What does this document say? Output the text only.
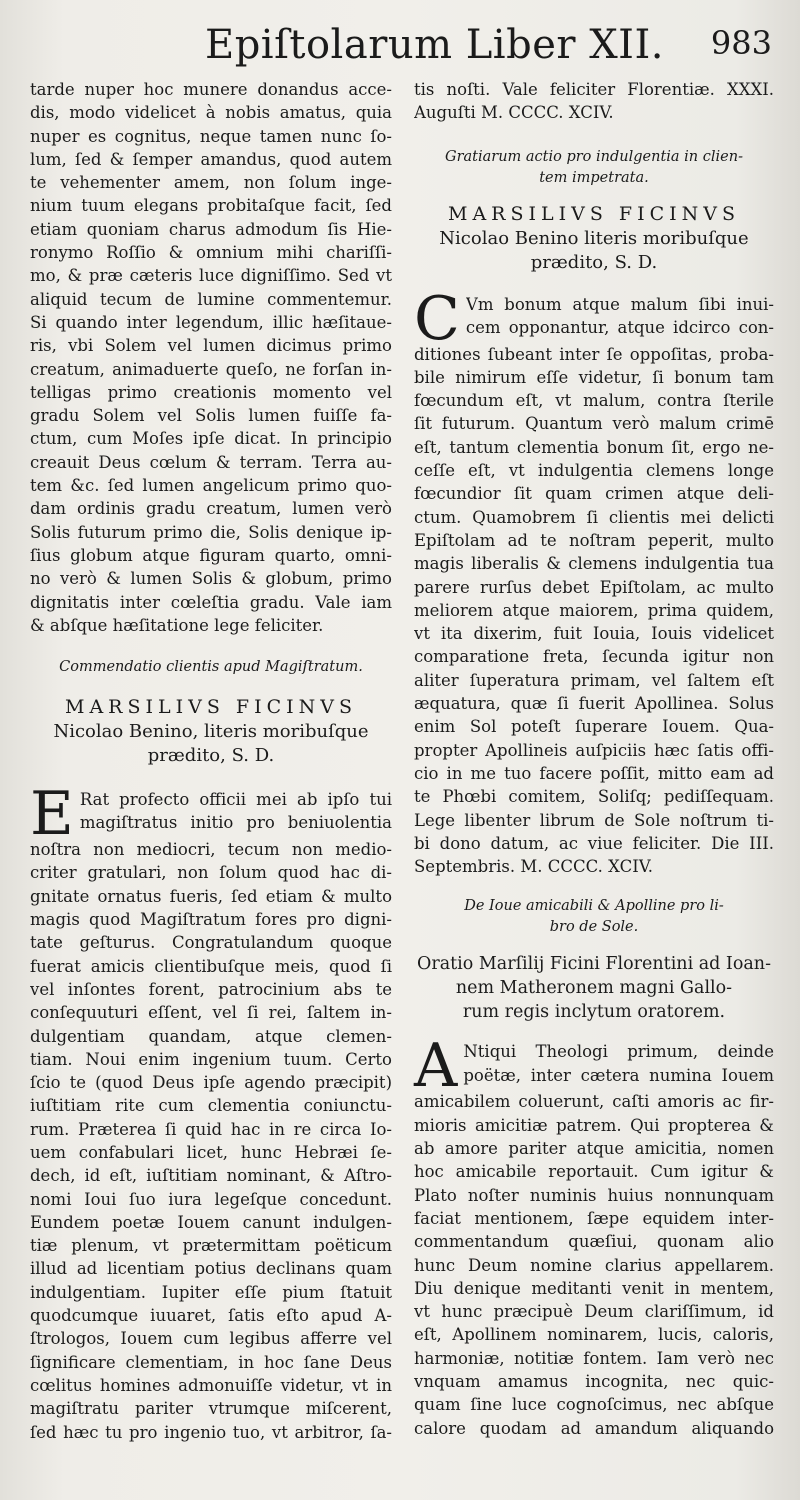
Epiſtolarum Liber XII. 983
tarde nuper hoc munere donandus acce-
dis, modo videlicet à nobis amatus, quia
nuper es cognitus, neque tamen nunc ſo-
lum, ſed & ſemper amandus, quod autem
te vehementer amem, non ſolum inge-
nium tuum elegans probitaſque facit, ſed
etiam quoniam charus admodum ſis Hie-
ronymo Roſſio & omnium mihi chariſſi-
mo, & præ cæteris luce digniſſimo. Sed vt
aliquid tecum de lumine commentemur.
Si quando inter legendum, illic hæſitaue-
ris, vbi Solem vel lumen dicimus primo
creatum, animaduerte queſo, ne forſan in-
telligas primo creationis momento vel
gradu Solem vel Solis lumen fuiſſe fa-
ctum, cum Moſes ipſe dicat. In principio
creauit Deus cœlum & terram. Terra au-
tem &c. ſed lumen angelicum primo quo-
dam ordinis gradu creatum, lumen verò
Solis futurum primo die, Solis denique ip-
ſius globum atque figuram quarto, omni-
no verò & lumen Solis & globum, primo
dignitatis inter cœleſtia gradu. Vale iam
& abſque hæſitatione lege feliciter.
Commendatio clientis apud Magiſtratum.
MARSILIVS FICINVS
Nicolao Benino, literis moribuſque
prædito, S. D.
E Rat profecto officii mei ab ipſo tui
magiſtratus initio pro beniuolentia
noſtra non mediocri, tecum non medio-
criter gratulari, non ſolum quod hac di-
gnitate ornatus fueris, ſed etiam & multo
magis quod Magiſtratum fores pro digni-
tate geſturus. Congratulandum quoque
fuerat amicis clientibuſque meis, quod ſi
vel inſontes forent, patrocinium abs te
conſequuturi eſſent, vel ſi rei, ſaltem in-
dulgentiam quandam, atque clemen-
tiam. Noui enim ingenium tuum. Certo
ſcio te (quod Deus ipſe agendo præcipit)
iuſtitiam rite cum clementia coniunctu-
rum. Præterea ſi quid hac in re circa Io-
uem confabulari licet, hunc Hebræi ſe-
dech, id eſt, iuſtitiam nominant, & Aſtro-
nomi Ioui ſuo iura legeſque concedunt.
Eundem poetæ Iouem canunt indulgen-
tiæ plenum, vt prætermittam poëticum
illud ad licentiam potius declinans quam
indulgentiam. Iupiter eſſe pium ſtatuit
quodcumque iuuaret, ſatis eſto apud A-
ſtrologos, Iouem cum legibus afferre vel
ſignificare clementiam, in hoc ſane Deus
cœlitus homines admonuiſſe videtur, vt in
magiſtratu pariter vtrumque miſcerent,
ſed hæc tu pro ingenio tuo, vt arbitror, ſa-
tis noſti. Vale feliciter Florentiæ. XXXI.
Auguſti M. CCCC. XCIV.
Gratiarum actio pro indulgentia in clien-
tem impetrata.
MARSILIVS FICINVS
Nicolao Benino literis moribuſque
prædito, S. D.
C Vm bonum atque malum ſibi inui-
cem opponantur, atque idcirco con-
ditiones ſubeant inter ſe oppoſitas, proba-
bile nimirum eſſe videtur, ſi bonum tam
fœcundum eſt, vt malum, contra ſterile
ſit futurum. Quantum verò malum crimē
eſt, tantum clementia bonum ſit, ergo ne-
ceſſe eſt, vt indulgentia clemens longe
fœcundior ſit quam crimen atque deli-
ctum. Quamobrem ſi clientis mei delicti
Epiſtolam ad te noſtram peperit, multo
magis liberalis & clemens indulgentia tua
parere rurſus debet Epiſtolam, ac multo
meliorem atque maiorem, prima quidem,
vt ita dixerim, fuit Iouia, Iouis videlicet
comparatione freta, ſecunda igitur non
aliter ſuperatura primam, vel ſaltem eſt
æquatura, quæ ſi fuerit Apollinea. Solus
enim Sol poteſt ſuperare Iouem. Qua-
propter Apollineis auſpiciis hæc ſatis offi-
cio in me tuo facere poſſit, mitto eam ad
te Phœbi comitem, Soliſq; pediſſequam.
Lege libenter librum de Sole noſtrum ti-
bi dono datum, ac viue feliciter. Die III.
Septembris. M. CCCC. XCIV.
De Ioue amicabili & Apolline pro li-
bro de Sole.
Oratio Marſilij Ficini Florentini ad Ioan-
nem Matheronem magni Gallo-
rum regis inclytum oratorem.
A Ntiqui Theologi primum, deinde
poëtæ, inter cætera numina Iouem
amicabilem coluerunt, caſti amoris ac fir-
mioris amicitiæ patrem. Qui propterea &
ab amore pariter atque amicitia, nomen
hoc amicabile reportauit. Cum igitur &
Plato noſter numinis huius nonnunquam
faciat mentionem, ſæpe equidem inter-
commentandum quæſiui, quonam alio
hunc Deum nomine clarius appellarem.
Diu denique meditanti venit in mentem,
vt hunc præcipuè Deum clariſſimum, id
eſt, Apollinem nominarem, lucis, caloris,
harmoniæ, notitiæ fontem. Iam verò nec
vnquam amamus incognita, nec quic-
quam ſine luce cognoſcimus, nec abſque
calore quodam ad amandum aliquando
